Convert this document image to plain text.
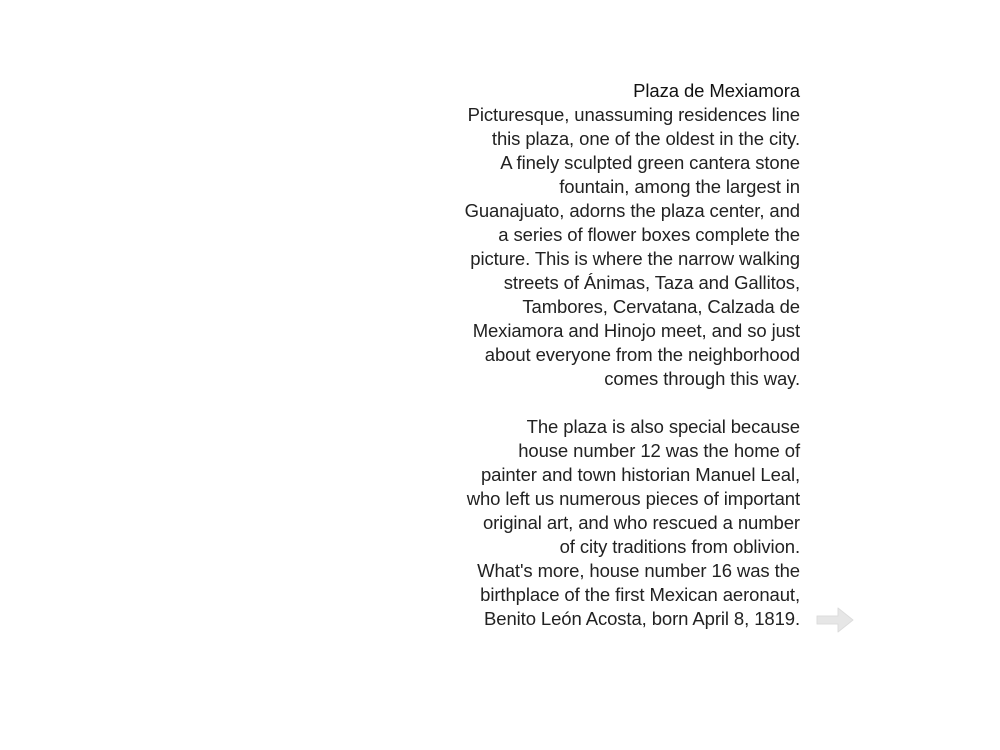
Plaza de Mexiamora
Picturesque, unassuming residences line
this plaza, one of the oldest in the city.
A finely sculpted green cantera stone
fountain, among the largest in
Guanajuato, adorns the plaza center, and
a series of flower boxes complete the
picture. This is where the narrow walking
streets of Ánimas, Taza and Gallitos,
Tambores, Cervatana, Calzada de
Mexiamora and Hinojo meet, and so just
about everyone from the neighborhood
comes through this way.
The plaza is also special because
house number 12 was the home of
painter and town historian Manuel Leal,
who left us numerous pieces of important
original art, and who rescued a number
of city traditions from oblivion.
What's more, house number 16 was the
birthplace of the first Mexican aeronaut,
Benito León Acosta, born April 8, 1819.
